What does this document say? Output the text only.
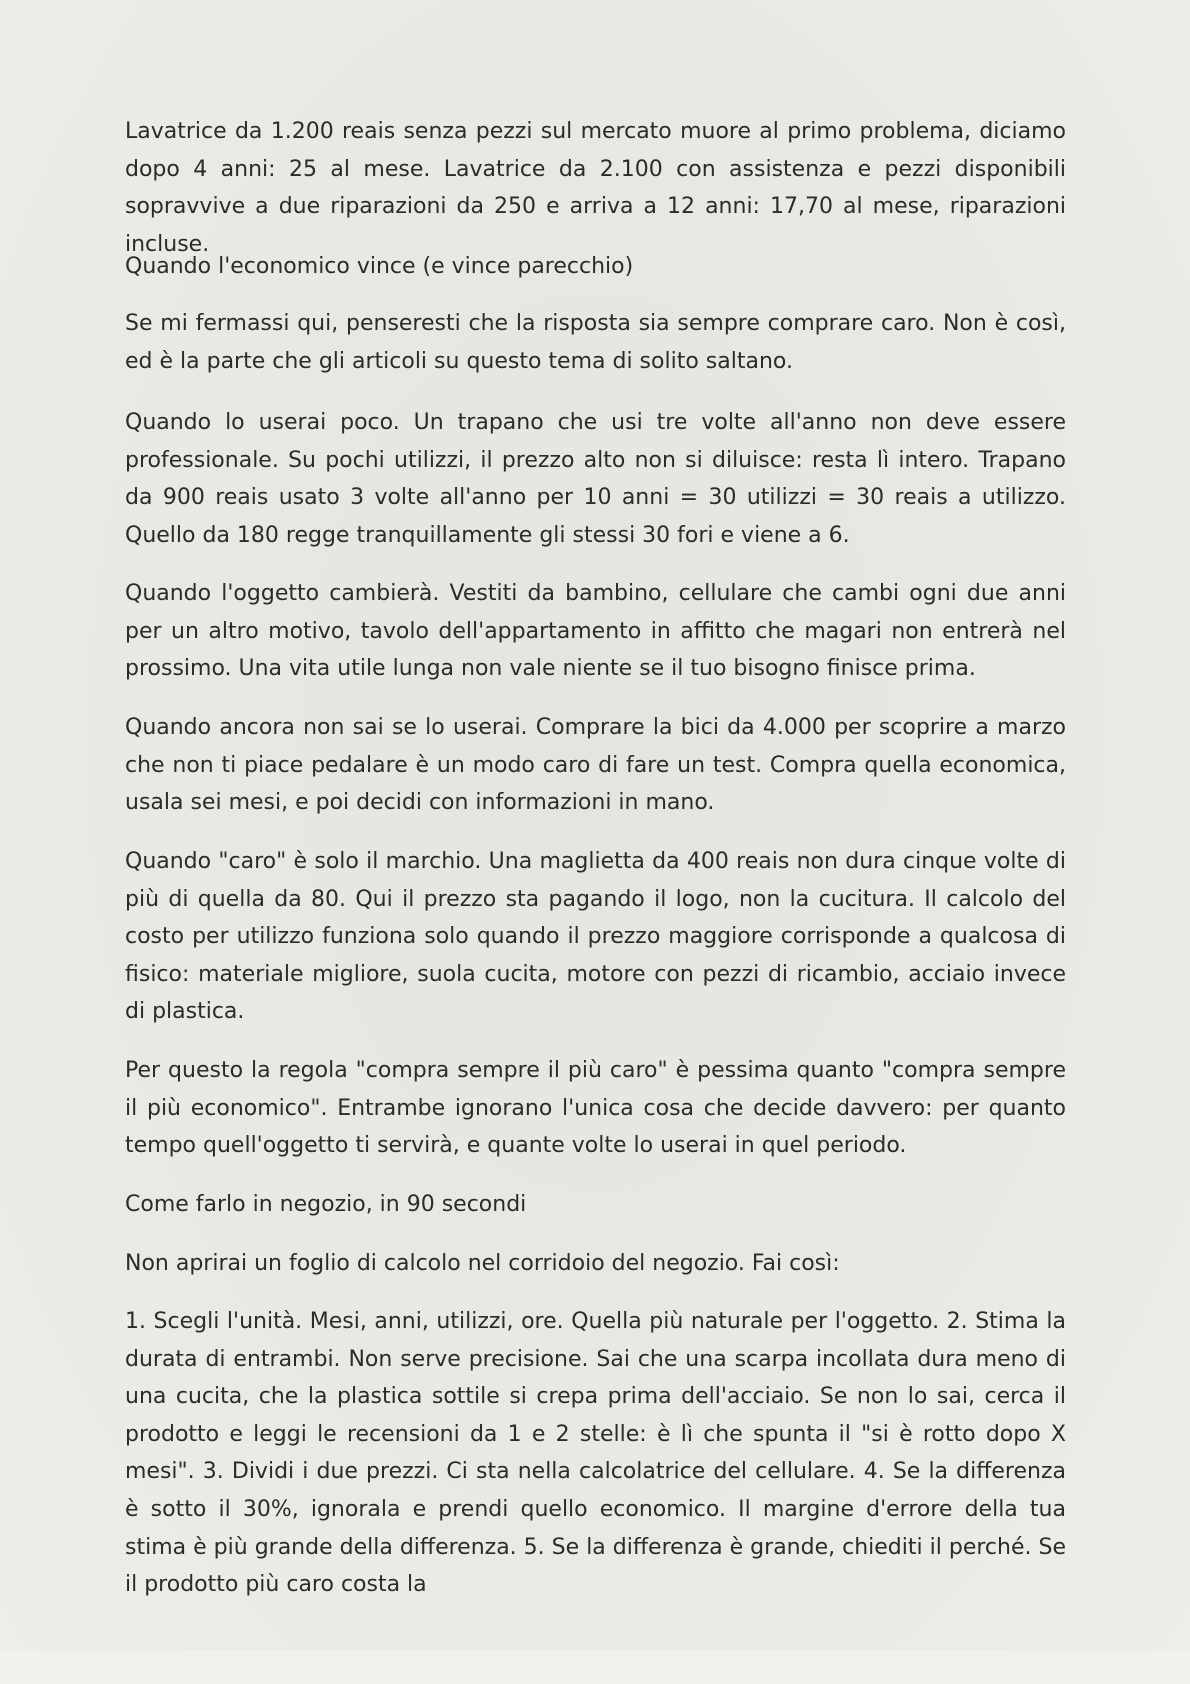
Lavatrice da 1.200 reais senza pezzi sul mercato muore al primo problema, diciamo dopo 4 anni: 25 al mese. Lavatrice da 2.100 con assistenza e pezzi disponibili sopravvive a due riparazioni da 250 e arriva a 12 anni: 17,70 al mese, riparazioni incluse.

Quando l'economico vince (e vince parecchio)

Se mi fermassi qui, penseresti che la risposta sia sempre comprare caro. Non è così, ed è la parte che gli articoli su questo tema di solito saltano.

Quando lo userai poco. Un trapano che usi tre volte all'anno non deve essere professionale. Su pochi utilizzi, il prezzo alto non si diluisce: resta lì intero. Trapano da 900 reais usato 3 volte all'anno per 10 anni = 30 utilizzi = 30 reais a utilizzo. Quello da 180 regge tranquillamente gli stessi 30 fori e viene a 6.

Quando l'oggetto cambierà. Vestiti da bambino, cellulare che cambi ogni due anni per un altro motivo, tavolo dell'appartamento in affitto che magari non entrerà nel prossimo. Una vita utile lunga non vale niente se il tuo bisogno finisce prima.

Quando ancora non sai se lo userai. Comprare la bici da 4.000 per scoprire a marzo che non ti piace pedalare è un modo caro di fare un test. Compra quella economica, usala sei mesi, e poi decidi con informazioni in mano.

Quando "caro" è solo il marchio. Una maglietta da 400 reais non dura cinque volte di più di quella da 80. Qui il prezzo sta pagando il logo, non la cucitura. Il calcolo del costo per utilizzo funziona solo quando il prezzo maggiore corrisponde a qualcosa di fisico: materiale migliore, suola cucita, motore con pezzi di ricambio, acciaio invece di plastica.

Per questo la regola "compra sempre il più caro" è pessima quanto "compra sempre il più economico". Entrambe ignorano l'unica cosa che decide davvero: per quanto tempo quell'oggetto ti servirà, e quante volte lo userai in quel periodo.

Come farlo in negozio, in 90 secondi

Non aprirai un foglio di calcolo nel corridoio del negozio. Fai così:

1. Scegli l'unità. Mesi, anni, utilizzi, ore. Quella più naturale per l'oggetto. 2. Stima la durata di entrambi. Non serve precisione. Sai che una scarpa incollata dura meno di una cucita, che la plastica sottile si crepa prima dell'acciaio. Se non lo sai, cerca il prodotto e leggi le recensioni da 1 e 2 stelle: è lì che spunta il "si è rotto dopo X mesi". 3. Dividi i due prezzi. Ci sta nella calcolatrice del cellulare. 4. Se la differenza è sotto il 30%, ignorala e prendi quello economico. Il margine d'errore della tua stima è più grande della differenza. 5. Se la differenza è grande, chiediti il perché. Se il prodotto più caro costa la
